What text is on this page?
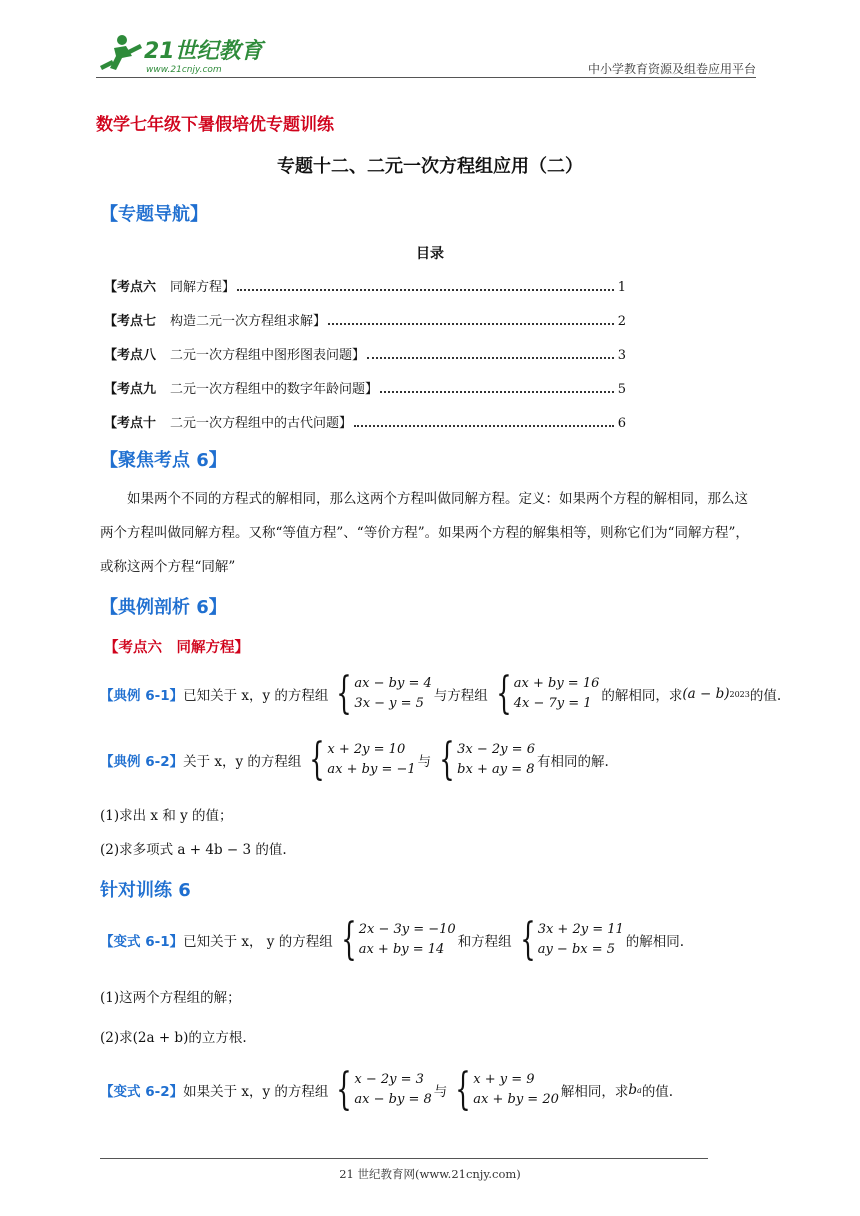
21世纪教育
www.21cnjy.com	中小学教育资源及组卷应用平台
数学七年级下暑假培优专题训练
专题十二、二元一次方程组应用（二）
【专题导航】
目录
【考点六	同解方程】	1
【考点七	构造二元一次方程组求解】	2
【考点八	二元一次方程组中图形图表问题】	3
【考点九	二元一次方程组中的数字年龄问题】	5
【考点十	二元一次方程组中的古代问题】	6
【聚焦考点 6】
如果两个不同的方程式的解相同，那么这两个方程叫做同解方程。定义：如果两个方程的解相同，那么这两个方程叫做同解方程。又称“等值方程”、“等价方程”。如果两个方程的解集相等，则称它们为“同解方程”，或称这两个方程“同解”
【典例剖析 6】
【考点六　同解方程】
【典例 6-1】 已知关于 x，y 的方程组 { ax − by = 4
3x − y = 5 与方程组 { ax + by = 16
4x − 7y = 1 的解相同，求 (a − b) 2023 的值.
【典例 6-2】 关于 x，y 的方程组 { x + 2y = 10
ax + by = −1 与 { 3x − 2y = 6
bx + ay = 8 有相同的解.
(1)求出 x 和 y 的值；
(2)求多项式 a + 4b − 3 的值.
针对训练 6
【变式 6-1】 已知关于 x， y 的方程组 { 2x − 3y = −10
ax + by = 14 和方程组 { 3x + 2y = 11
ay − bx = 5 的解相同.
(1)这两个方程组的解；
(2)求(2a + b)的立方根.
【变式 6-2】 如果关于 x，y 的方程组 { x − 2y = 3
ax − by = 8 与 { x + y = 9
ax + by = 20 解相同，求 b a 的值.
21 世纪教育网(www.21cnjy.com)
